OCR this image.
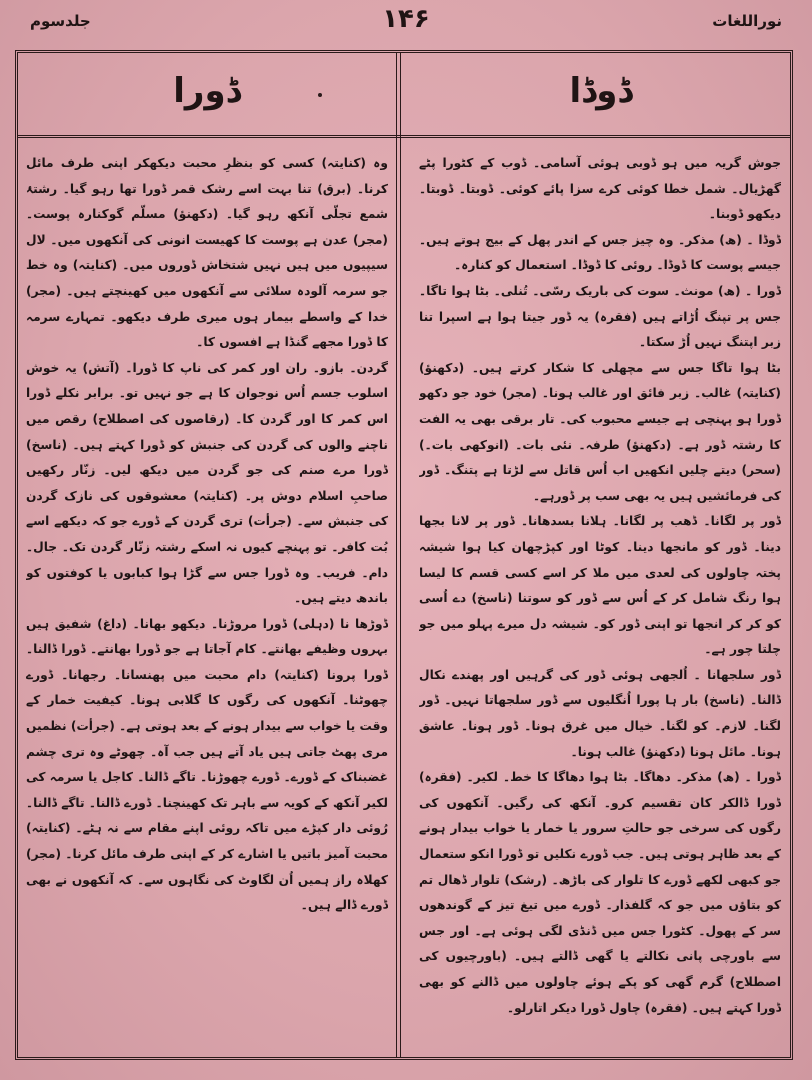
جلدسوم	۱۴۶	نوراللغات
ڈورا	ڈوڈا

جوش گریہ میں ہو ڈوبی ہوئی آسامی۔ ڈوب کے کٹورا پٹے گھڑیال۔ شمل خطا کوئی کرے سزا پائے کوئی۔ ڈوبتا۔ ڈوبتا۔ دیکھو ڈوبنا۔

ڈوڈا ۔ (ھ) مذکر۔ وہ چیز جس کے اندر پھل کے بیج ہوتے ہیں۔ جیسے پوست کا ڈوڈا۔ روئی کا ڈوڈا۔ استعمال کو کنارہ۔

ڈورا ۔ (ھ) مونث۔ سوت کی باریک رسّی۔ تُنلی۔ بٹا ہوا تاگا۔ جس پر تپنگ اُڑاتے ہیں (فقرہ) یہ ڈور جیتا ہوا ہے اسپرا تنا زبر اپتنگ نہیں اُڑ سکتا۔

بٹا ہوا تاگا جس سے مچھلی کا شکار کرتے ہیں۔ (دکھنؤ) (کنایتہ) غالب۔ زبر فائق اور غالب ہونا۔ (مجر) خود جو دکھو ڈورا ہو پہنچی ہے جیسے محبوب کی۔ تار برقی بھی یہ الفت کا رشتہ ڈور ہے۔ (دکھنؤ) طرفہ۔ نئی بات۔ (انوکھی بات۔) (سحر) دیتے چلیں انکھیں اب اُس قاتل سے لڑتا ہے پتنگ۔ ڈور کی فرمائشیں ہیں یہ بھی سب پر ڈورہے۔

ڈور پر لگانا۔ ڈھب پر لگانا۔ ہلانا بسدھانا۔ ڈور پر لانا بجھا دینا۔ ڈور کو مانجھا دینا۔ کوٹا اور کپڑچھان کیا ہوا شیشہ پختہ چاولوں کی لعدی میں ملا کر اسے کسی قسم کا لیسا ہوا رنگ شامل کر کے اُس سے ڈور کو سوتنا (ناسخ) دے اُسی کو کر کر انجھا تو اپنی ڈور کو۔ شیشہ دل میرے پہلو میں جو چلتا چور ہے۔

ڈور سلجھانا ۔ اُلجھی ہوئی ڈور کی گرہیں اور پھندے نکال ڈالنا۔ (ناسخ) بار ہا پورا اُنگلیوں سے ڈور سلجھاتا نہیں۔ ڈور لگنا۔ لازم۔ کو لگنا۔ خیال میں غرق ہونا۔ ڈور ہونا۔ عاشق ہونا۔ مائل ہونا (دکھنؤ) غالب ہونا۔

ڈورا ۔ (ھ) مذکر۔ دھاگا۔ بٹا ہوا دھاگا کا خط۔ لکیر۔ (فقرہ) ڈورا ڈالکر کان تقسیم کرو۔ آنکھ کی رگیں۔ آنکھوں کی رگوں کی سرخی جو حالتِ سرور یا خمار یا خواب بیدار ہونے کے بعد ظاہر ہوتی ہیں۔ جب ڈورے نکلیں تو ڈورا انکو ستعمال جو کبھی لکھے ڈورے کا تلوار کی باڑھ۔ (رشک) تلوار ڈھال تم کو بتاؤں میں جو کہ گلفذار۔ ڈورے میں تیغ تیز کے گوندھوں سر کے پھول۔ کٹورا جس میں ڈنڈی لگی ہوئی ہے۔ اور جس سے باورچی پانی نکالتے یا گھی ڈالتے ہیں۔ (باورچیوں کی اصطلاح) گرم گھی کو پکے ہوئے چاولوں میں ڈالنے کو بھی ڈورا کہتے ہیں۔ (فقرہ) چاول ڈورا دیکر اتارلو۔

وہ (کنایتہ) کسی کو بنظرِ محبت دیکھکر اپنی طرف مائل کرنا۔ (برق) تنا بہت اسے رشک قمر ڈورا تھا رہو گیا۔ رشتۂ شمع تجلّی آنکھ رہو گیا۔ (دکھنؤ) مسلّم گوکنارہ پوست۔ (مجر) عدن ہے پوست کا کھیست انونی کی آنکھوں میں۔ لال سیپیوں میں ہیں نہیں شتخاش ڈوروں میں۔ (کنایتہ) وہ خط جو سرمہ آلودہ سلائی سے آنکھوں میں کھینچتے ہیں۔ (مجر) خدا کے واسطے بیمار ہوں میری طرف دیکھو۔ تمہارے سرمہ کا ڈورا مجھے گنڈا ہے افسوں کا۔

گردن۔ بازو۔ ران اور کمر کی ناپ کا ڈورا۔ (آتش) یہ خوش اسلوب جسم اُس نوجوان کا ہے جو نہیں تو۔ برابر نکلے ڈورا اس کمر کا اور گردن کا۔ (رقاصوں کی اصطلاح) رقص میں ناچنے والوں کی گردن کی جنبش کو ڈورا کہتے ہیں۔ (ناسخ) ڈورا مرے صنم کی جو گردن میں دیکھ لیں۔ زنّار رکھیں صاحبِ اسلام دوش پر۔ (کنایتہ) معشوقوں کی نازک گردن کی جنبش سے۔ (جرأت) تری گردن کے ڈورے جو کہ دیکھے اسے بُت کافر۔ تو پہنچے کیوں نہ اسکے رشتہ زنّار گردن تک۔ جال۔ دام۔ فریب۔ وہ ڈورا جس سے گڑا ہوا کبابوں یا کوفتوں کو باندھ دیتے ہیں۔

ڈوڑھا نا (دہلی) ڈورا مروڑنا۔ دیکھو بھانا۔ (داغ) شفیق ہیں بہروں وظیفے بھانتے۔ کام آجاتا ہے جو ڈورا بھانتے۔ ڈورا ڈالنا۔ ڈورا پرونا (کنایتہ) دام محبت میں پھنسانا۔ رجھانا۔ ڈورے چھوٹنا۔ آنکھوں کی رگوں کا گلابی ہونا۔ کیفیت خمار کے وقت یا خواب سے بیدار ہونے کے بعد ہوتی ہے۔ (جرأت) نظمیں مری پھٹ جاتی ہیں یاد آتے ہیں جب آہ۔ چھوٹے وہ تری چشم غضبناک کے ڈورے۔ ڈورے چھوڑنا۔ تاگے ڈالنا۔ کاجل یا سرمہ کی لکیر آنکھ کے کویہ سے باہر تک کھینچنا۔ ڈورے ڈالنا۔ تاگے ڈالنا۔ رُوئی دار کپڑے میں تاکہ روئی اپنے مقام سے نہ ہٹے۔ (کنایتہ) محبت آمیز باتیں یا اشارے کر کے اپنی طرف مائل کرنا۔ (مجر) کھلاہ راز ہمیں اُن لگاوٹ کی نگاہوں سے۔ کہ آنکھوں نے بھی ڈورے ڈالے ہیں۔
